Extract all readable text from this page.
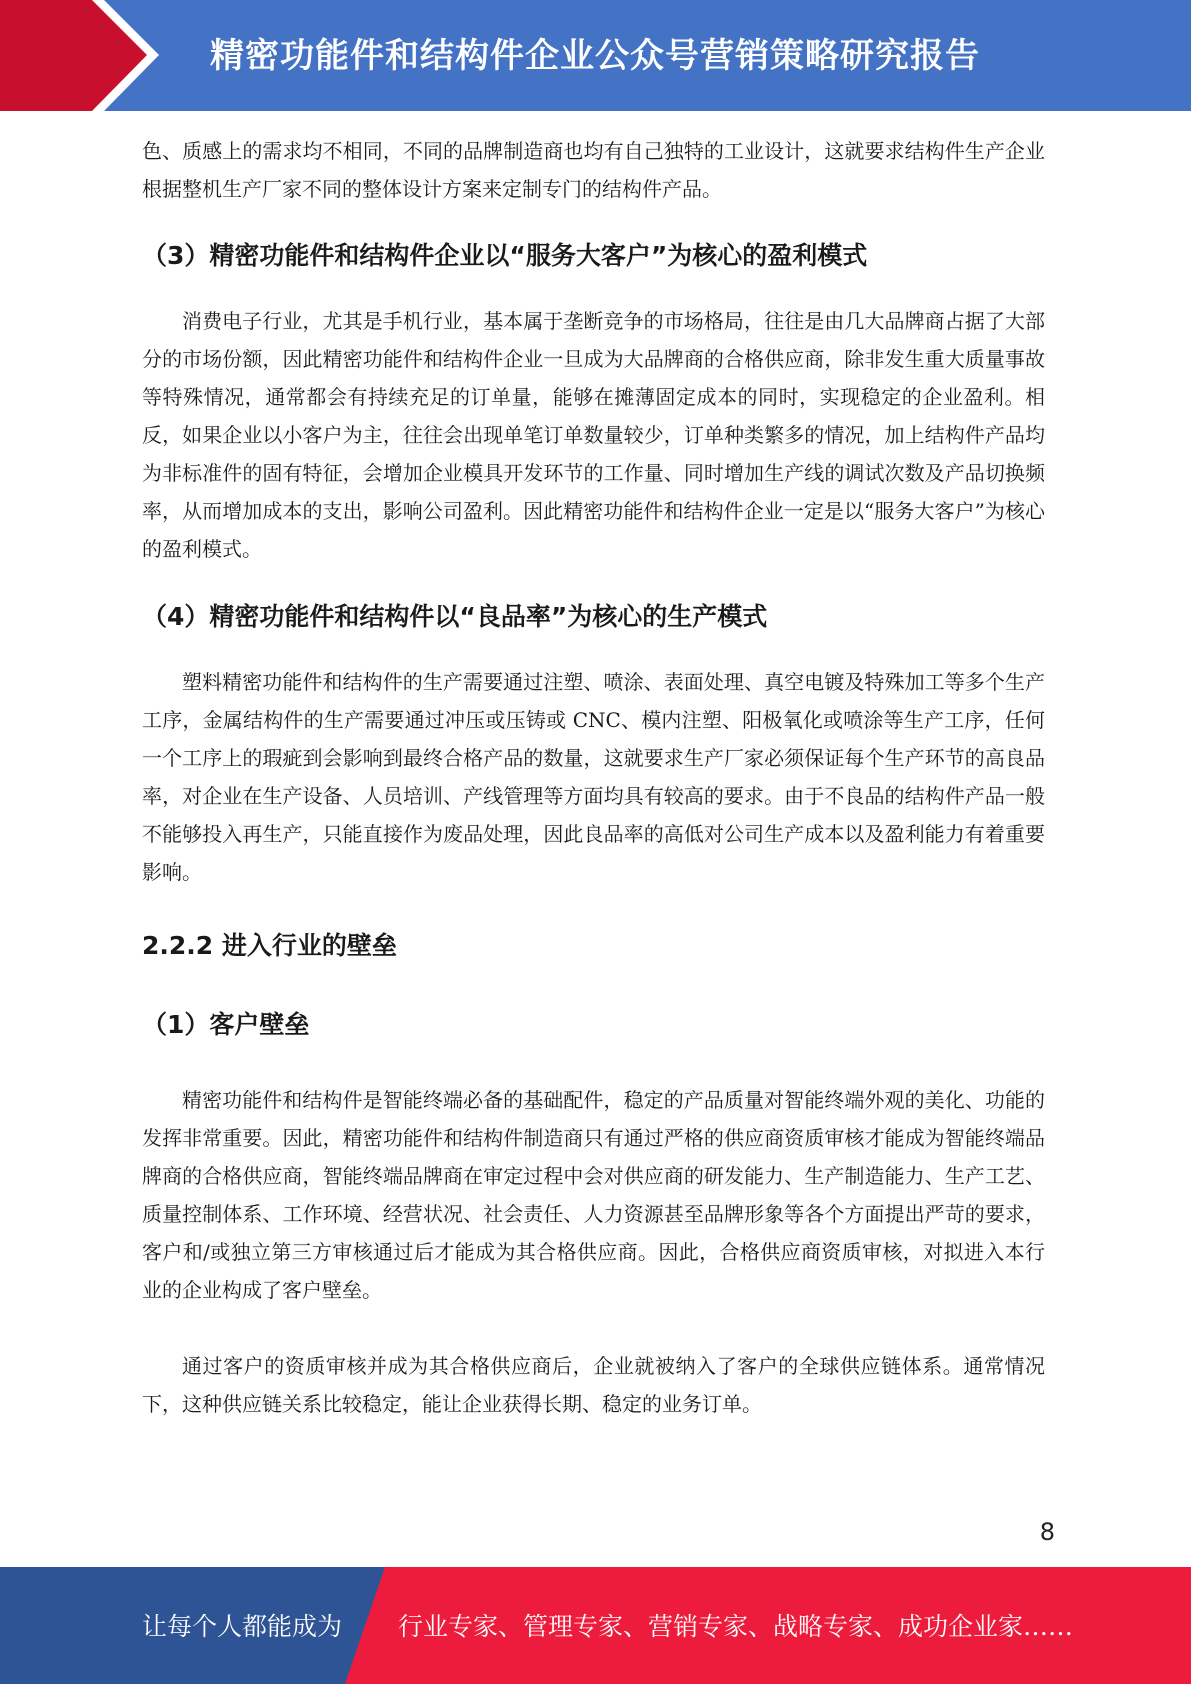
精密功能件和结构件企业公众号营销策略研究报告

色、质感上的需求均不相同，不同的品牌制造商也均有自己独特的工业设计，这就要求结构件生产企业根据整机生产厂家不同的整体设计方案来定制专门的结构件产品。

（3）精密功能件和结构件企业以“服务大客户”为核心的盈利模式

消费电子行业，尤其是手机行业，基本属于垄断竞争的市场格局，往往是由几大品牌商占据了大部分的市场份额，因此精密功能件和结构件企业一旦成为大品牌商的合格供应商，除非发生重大质量事故等特殊情况，通常都会有持续充足的订单量，能够在摊薄固定成本的同时，实现稳定的企业盈利。相反，如果企业以小客户为主，往往会出现单笔订单数量较少，订单种类繁多的情况，加上结构件产品均为非标准件的固有特征，会增加企业模具开发环节的工作量、同时增加生产线的调试次数及产品切换频率，从而增加成本的支出，影响公司盈利。因此精密功能件和结构件企业一定是以“服务大客户”为核心的盈利模式。

（4）精密功能件和结构件以“良品率”为核心的生产模式

塑料精密功能件和结构件的生产需要通过注塑、喷涂、表面处理、真空电镀及特殊加工等多个生产工序，金属结构件的生产需要通过冲压或压铸或 CNC、模内注塑、阳极氧化或喷涂等生产工序，任何一个工序上的瑕疵到会影响到最终合格产品的数量，这就要求生产厂家必须保证每个生产环节的高良品率，对企业在生产设备、人员培训、产线管理等方面均具有较高的要求。由于不良品的结构件产品一般不能够投入再生产，只能直接作为废品处理，因此良品率的高低对公司生产成本以及盈利能力有着重要影响。

2.2.2 进入行业的壁垒
（1）客户壁垒

精密功能件和结构件是智能终端必备的基础配件，稳定的产品质量对智能终端外观的美化、功能的发挥非常重要。因此，精密功能件和结构件制造商只有通过严格的供应商资质审核才能成为智能终端品牌商的合格供应商，智能终端品牌商在审定过程中会对供应商的研发能力、生产制造能力、生产工艺、质量控制体系、工作环境、经营状况、社会责任、人力资源甚至品牌形象等各个方面提出严苛的要求，客户和/或独立第三方审核通过后才能成为其合格供应商。因此，合格供应商资质审核，对拟进入本行业的企业构成了客户壁垒。

通过客户的资质审核并成为其合格供应商后，企业就被纳入了客户的全球供应链体系。通常情况下，这种供应链关系比较稳定，能让企业获得长期、稳定的业务订单。

8
让每个人都能成为 行业专家、管理专家、营销专家、战略专家、成功企业家……
